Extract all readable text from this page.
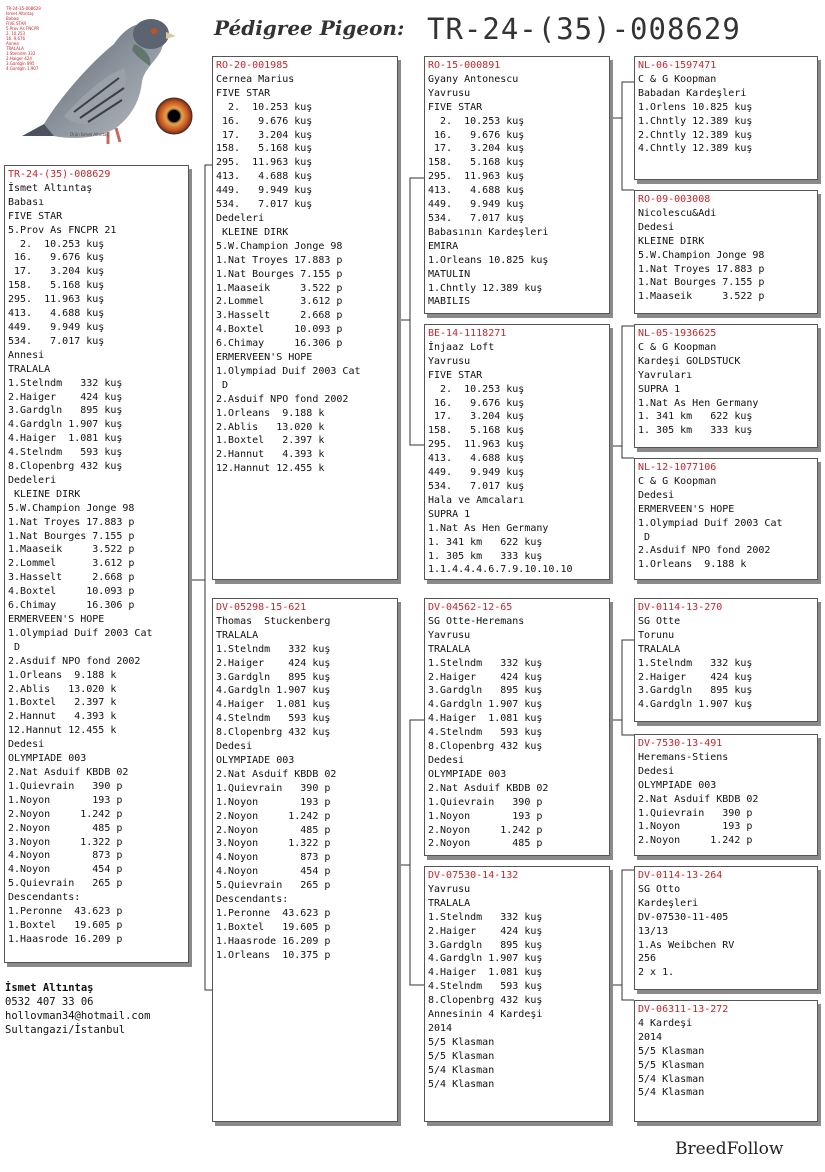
Pédigree Pigeon: TR-24-(35)-008629
TR-24-35-008629
İsmet Altıntaş
Babası
FIVE STAR
5.Prov As FNCPR
2. 10.253
16. 9.676
Annesi
TRALALA
1.Stelndm 332
2.Haiger 424
3.Gardgln 895
4.Gardgln 1.907
Ürün İsmet Altıntaş
TR-24-(35)-008629
İsmet Altıntaş
Babası
FIVE STAR
5.Prov As FNCPR 21
2.  10.253 kuş
16.   9.676 kuş
17.   3.204 kuş
158.   5.168 kuş
295.  11.963 kuş
413.   4.688 kuş
449.   9.949 kuş
534.   7.017 kuş
Annesi
TRALALA
1.Stelndm   332 kuş
2.Haiger    424 kuş
3.Gardgln   895 kuş
4.Gardgln 1.907 kuş
4.Haiger  1.081 kuş
4.Stelndm   593 kuş
8.Clopenbrg 432 kuş
Dedeleri
KLEINE DIRK
5.W.Champion Jonge 98
1.Nat Troyes 17.883 p
1.Nat Bourges 7.155 p
1.Maaseik     3.522 p
2.Lommel      3.612 p
3.Hasselt     2.668 p
4.Boxtel     10.093 p
6.Chimay     16.306 p
ERMERVEEN'S HOPE
1.Olympiad Duif 2003 Cat
D
2.Asduif NPO fond 2002
1.Orleans  9.188 k
2.Ablis   13.020 k
1.Boxtel   2.397 k
2.Hannut   4.393 k
12.Hannut 12.455 k
Dedesi
OLYMPIADE 003
2.Nat Asduif KBDB 02
1.Quievrain   390 p
1.Noyon       193 p
2.Noyon     1.242 p
2.Noyon       485 p
3.Noyon     1.322 p
4.Noyon       873 p
4.Noyon       454 p
5.Quievrain   265 p
Descendants:
1.Peronne  43.623 p
1.Boxtel   19.605 p
1.Haasrode 16.209 p
RO-20-001985
Cernea Marius
FIVE STAR
2.  10.253 kuş
16.   9.676 kuş
17.   3.204 kuş
158.   5.168 kuş
295.  11.963 kuş
413.   4.688 kuş
449.   9.949 kuş
534.   7.017 kuş
Dedeleri
KLEINE DIRK
5.W.Champion Jonge 98
1.Nat Troyes 17.883 p
1.Nat Bourges 7.155 p
1.Maaseik     3.522 p
2.Lommel      3.612 p
3.Hasselt     2.668 p
4.Boxtel     10.093 p
6.Chimay     16.306 p
ERMERVEEN'S HOPE
1.Olympiad Duif 2003 Cat
D
2.Asduif NPO fond 2002
1.Orleans  9.188 k
2.Ablis   13.020 k
1.Boxtel   2.397 k
2.Hannut   4.393 k
12.Hannut 12.455 k
DV-05298-15-621
Thomas  Stuckenberg
TRALALA
1.Stelndm   332 kuş
2.Haiger    424 kuş
3.Gardgln   895 kuş
4.Gardgln 1.907 kuş
4.Haiger  1.081 kuş
4.Stelndm   593 kuş
8.Clopenbrg 432 kuş
Dedesi
OLYMPIADE 003
2.Nat Asduif KBDB 02
1.Quievrain   390 p
1.Noyon       193 p
2.Noyon     1.242 p
2.Noyon       485 p
3.Noyon     1.322 p
4.Noyon       873 p
4.Noyon       454 p
5.Quievrain   265 p
Descendants:
1.Peronne  43.623 p
1.Boxtel   19.605 p
1.Haasrode 16.209 p
1.Orleans  10.375 p
RO-15-000891
Gyany Antonescu
Yavrusu
FIVE STAR
2.  10.253 kuş
16.   9.676 kuş
17.   3.204 kuş
158.   5.168 kuş
295.  11.963 kuş
413.   4.688 kuş
449.   9.949 kuş
534.   7.017 kuş
Babasının Kardeşleri
EMIRA
1.Orleans 10.825 kuş
MATULIN
1.Chntly 12.389 kuş
MABILIS
BE-14-1118271
İnjaaz Loft
Yavrusu
FIVE STAR
2.  10.253 kuş
16.   9.676 kuş
17.   3.204 kuş
158.   5.168 kuş
295.  11.963 kuş
413.   4.688 kuş
449.   9.949 kuş
534.   7.017 kuş
Hala ve Amcaları
SUPRA 1
1.Nat As Hen Germany
1. 341 km   622 kuş
1. 305 km   333 kuş
1.1.4.4.4.6.7.9.10.10.10
DV-04562-12-65
SG Otte-Heremans
Yavrusu
TRALALA
1.Stelndm   332 kuş
2.Haiger    424 kuş
3.Gardgln   895 kuş
4.Gardgln 1.907 kuş
4.Haiger  1.081 kuş
4.Stelndm   593 kuş
8.Clopenbrg 432 kuş
Dedesi
OLYMPIADE 003
2.Nat Asduif KBDB 02
1.Quievrain   390 p
1.Noyon       193 p
2.Noyon     1.242 p
2.Noyon       485 p
DV-07530-14-132
Yavrusu
TRALALA
1.Stelndm   332 kuş
2.Haiger    424 kuş
3.Gardgln   895 kuş
4.Gardgln 1.907 kuş
4.Haiger  1.081 kuş
4.Stelndm   593 kuş
8.Clopenbrg 432 kuş
Annesinin 4 Kardeşi
2014
5/5 Klasman
5/5 Klasman
5/4 Klasman
5/4 Klasman
NL-06-1597471
C & G Koopman
Babadan Kardeşleri
1.Orlens 10.825 kuş
1.Chntly 12.389 kuş
2.Chntly 12.389 kuş
4.Chntly 12.389 kuş
RO-09-003008
Nicolescu&Adi
Dedesi
KLEINE DIRK
5.W.Champion Jonge 98
1.Nat Troyes 17.883 p
1.Nat Bourges 7.155 p
1.Maaseik     3.522 p
NL-05-1936625
C & G Koopman
Kardeşi GOLDSTUCK
Yavruları
SUPRA 1
1.Nat As Hen Germany
1. 341 km   622 kuş
1. 305 km   333 kuş
NL-12-1077106
C & G Koopman
Dedesi
ERMERVEEN'S HOPE
1.Olympiad Duif 2003 Cat
D
2.Asduif NPO fond 2002
1.Orleans  9.188 k
DV-0114-13-270
SG Otte
Torunu
TRALALA
1.Stelndm   332 kuş
2.Haiger    424 kuş
3.Gardgln   895 kuş
4.Gardgln 1.907 kuş
DV-7530-13-491
Heremans-Stiens
Dedesi
OLYMPIADE 003
2.Nat Asduif KBDB 02
1.Quievrain   390 p
1.Noyon       193 p
2.Noyon     1.242 p
DV-0114-13-264
SG Otto
Kardeşleri
DV-07530-11-405
13/13
1.As Weibchen RV
256
2 x 1.
DV-06311-13-272
4 Kardeşi
2014
5/5 Klasman
5/5 Klasman
5/4 Klasman
5/4 Klasman
İsmet Altıntaş
0532 407 33 06
hollovman34@hotmail.com
Sultangazi/İstanbul
BreedFollow
